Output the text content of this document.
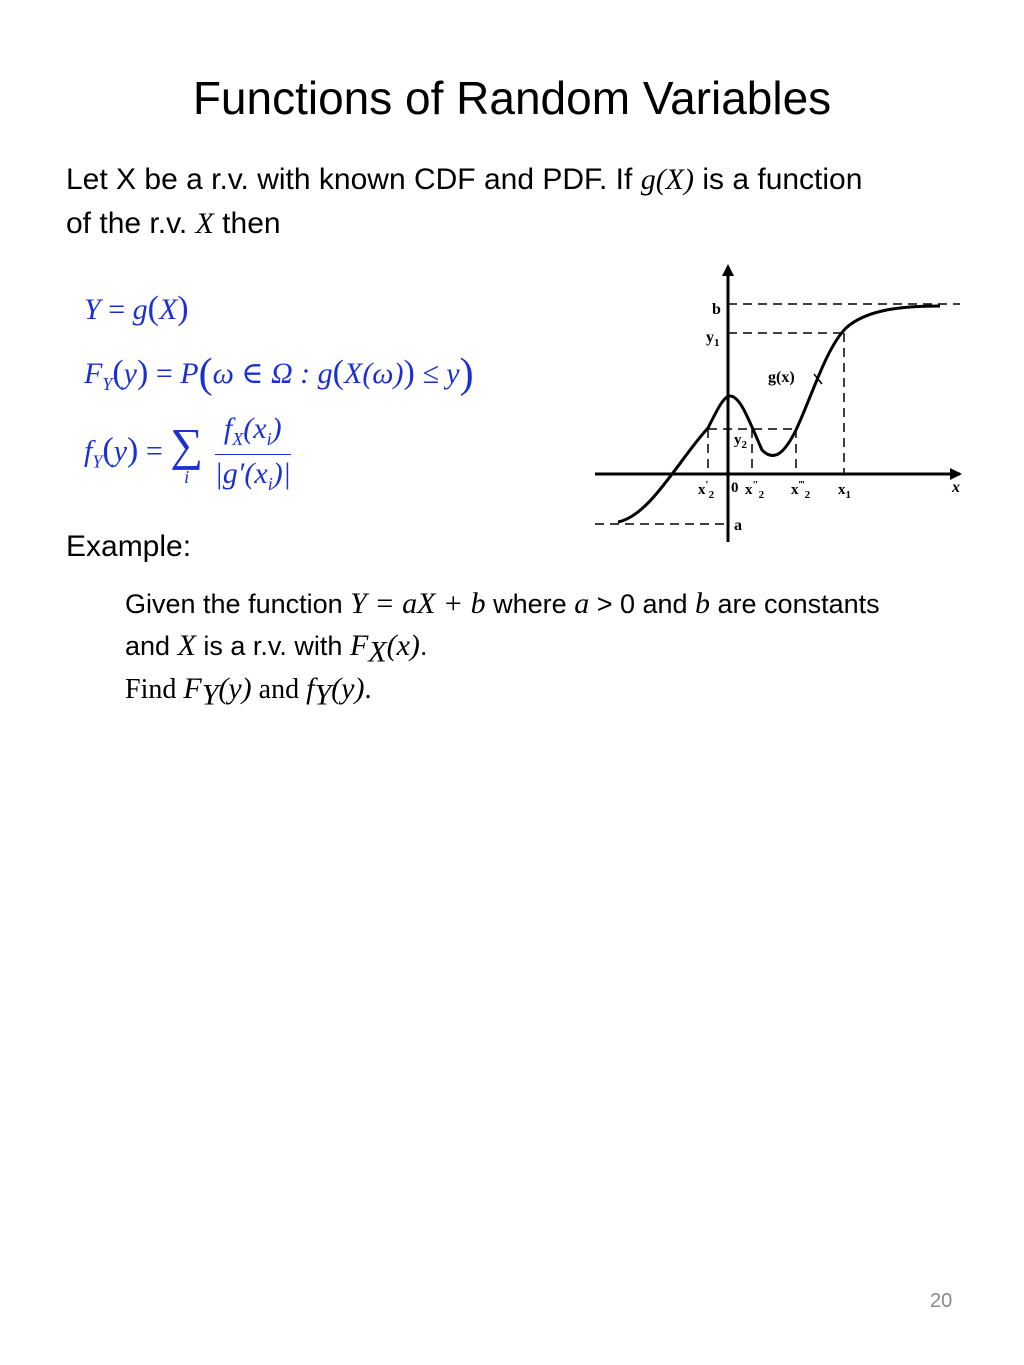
Functions of Random Variables
Let X be a r.v. with known CDF and PDF. If g(X) is a function of the r.v. X then
Y = g(X)
$F_Y(y) = P(\omega$ ∈ Ω : g(X(ω)) ≤ y)
$f_Y(y)$ = ∑
i
$\frac{f_X(x_i)}{|g'(x_i)|}$
b
$y_1$
g(x)
$y_2$
$x'_2$ 0 $x''_2$ $x^‴_2$ $x_1$	x
a
Example:
Given the function Y = aX + b where a > 0 and b are constants and X is a r.v. with $F_X(x)$.
Find $F_Y(y)$ and $f_Y(y)$.
20
